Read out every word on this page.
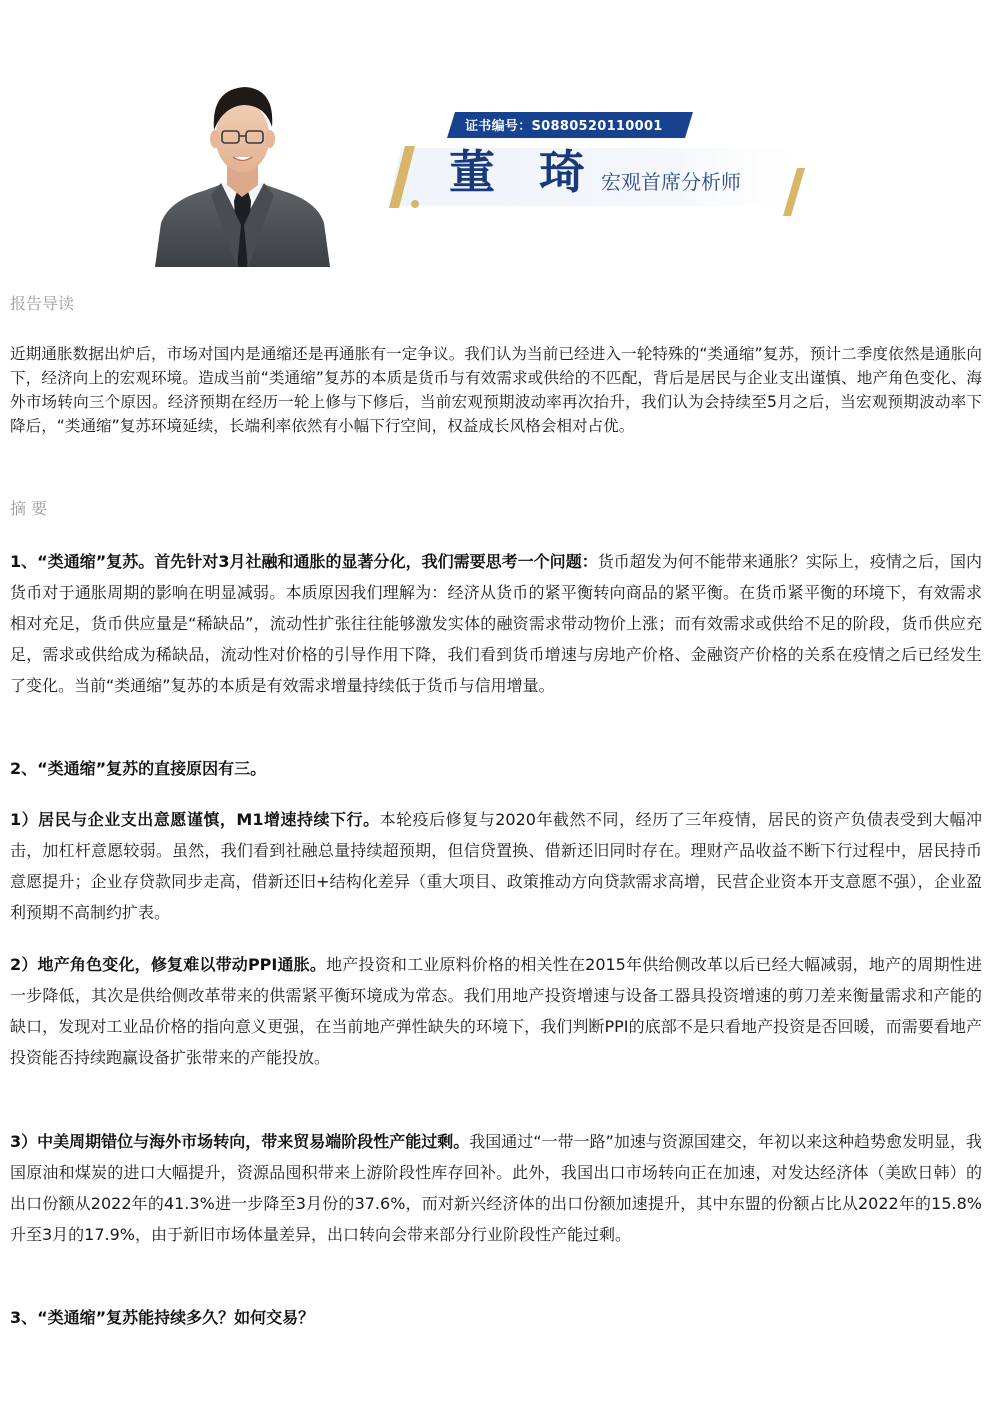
证书编号：S0880520110001
董 琦 宏观首席分析师
报告导读
近期通胀数据出炉后，市场对国内是通缩还是再通胀有一定争议。我们认为当前已经进入一轮特殊的“类通缩”复苏，预计二季度依然是通胀向下，经济向上的宏观环境。造成当前“类通缩”复苏的本质是货币与有效需求或供给的不匹配，背后是居民与企业支出谨慎、地产角色变化、海外市场转向三个原因。经济预期在经历一轮上修与下修后，当前宏观预期波动率再次抬升，我们认为会持续至5月之后，当宏观预期波动率下降后，“类通缩”复苏环境延续，长端利率依然有小幅下行空间，权益成长风格会相对占优。
摘 要
1、“类通缩”复苏。首先针对3月社融和通胀的显著分化，我们需要思考一个问题：货币超发为何不能带来通胀？实际上，疫情之后，国内货币对于通胀周期的影响在明显减弱。本质原因我们理解为：经济从货币的紧平衡转向商品的紧平衡。在货币紧平衡的环境下，有效需求相对充足，货币供应量是“稀缺品”，流动性扩张往往能够激发实体的融资需求带动物价上涨；而有效需求或供给不足的阶段，货币供应充足，需求或供给成为稀缺品，流动性对价格的引导作用下降，我们看到货币增速与房地产价格、金融资产价格的关系在疫情之后已经发生了变化。当前“类通缩”复苏的本质是有效需求增量持续低于货币与信用增量。
2、“类通缩”复苏的直接原因有三。
1）居民与企业支出意愿谨慎，M1增速持续下行。本轮疫后修复与2020年截然不同，经历了三年疫情，居民的资产负债表受到大幅冲击，加杠杆意愿较弱。虽然，我们看到社融总量持续超预期，但信贷置换、借新还旧同时存在。理财产品收益不断下行过程中，居民持币意愿提升；企业存贷款同步走高，借新还旧+结构化差异（重大项目、政策推动方向贷款需求高增，民营企业资本开支意愿不强），企业盈利预期不高制约扩表。
2）地产角色变化，修复难以带动PPI通胀。地产投资和工业原料价格的相关性在2015年供给侧改革以后已经大幅减弱，地产的周期性进一步降低，其次是供给侧改革带来的供需紧平衡环境成为常态。我们用地产投资增速与设备工器具投资增速的剪刀差来衡量需求和产能的缺口，发现对工业品价格的指向意义更强，在当前地产弹性缺失的环境下，我们判断PPI的底部不是只看地产投资是否回暖，而需要看地产投资能否持续跑赢设备扩张带来的产能投放。
3）中美周期错位与海外市场转向，带来贸易端阶段性产能过剩。我国通过“一带一路”加速与资源国建交，年初以来这种趋势愈发明显，我国原油和煤炭的进口大幅提升，资源品囤积带来上游阶段性库存回补。此外，我国出口市场转向正在加速，对发达经济体（美欧日韩）的出口份额从2022年的41.3%进一步降至3月份的37.6%，而对新兴经济体的出口份额加速提升，其中东盟的份额占比从2022年的15.8%升至3月的17.9%，由于新旧市场体量差异，出口转向会带来部分行业阶段性产能过剩。
3、“类通缩”复苏能持续多久？如何交易？
